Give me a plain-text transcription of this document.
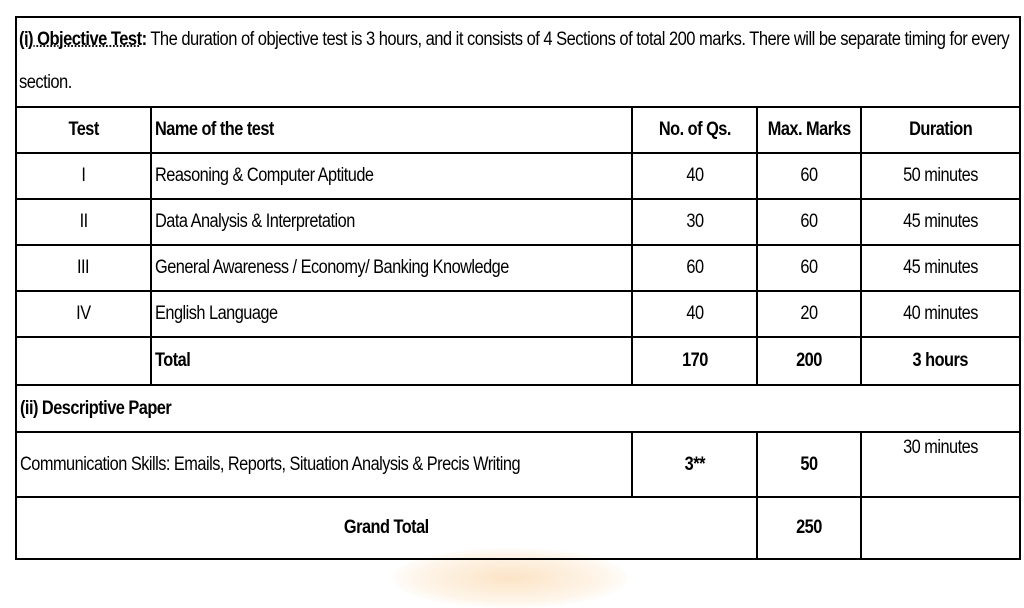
(i) Objective Test: The duration of objective test is 3 hours, and it consists of 4 Sections of total 200 marks. There will be separate timing for every section.				

Test	Name of the test	No. of Qs.	Max. Marks	Duration
I	Reasoning & Computer Aptitude	40	60	50 minutes
II	Data Analysis & Interpretation	30	60	45 minutes
III	General Awareness / Economy/ Banking Knowledge	60	60	45 minutes
IV	English Language	40	20	40 minutes
	Total	170	200	3 hours
(ii) Descriptive Paper				
Communication Skills: Emails, Reports, Situation Analysis & Precis Writing		3**	50	30 minutes
Grand Total			250	
